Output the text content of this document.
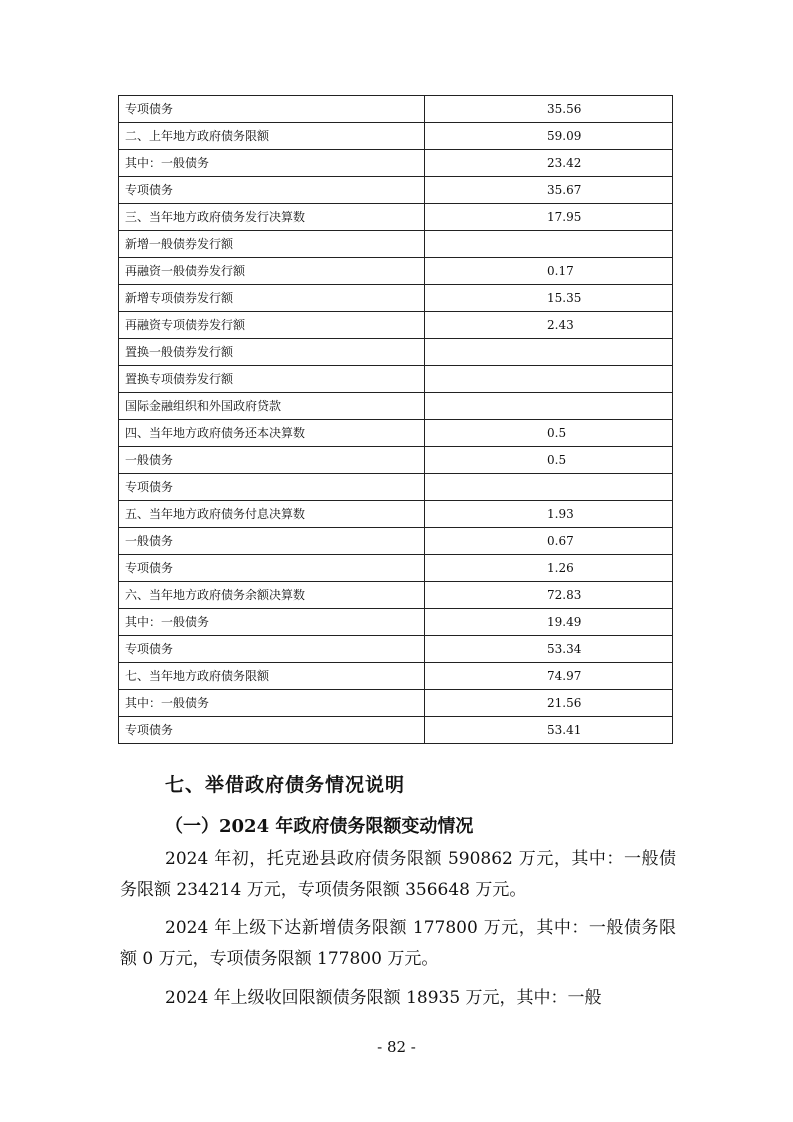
专项债务	35.56
二、上年地方政府债务限额	59.09
其中：一般债务	23.42
专项债务	35.67
三、当年地方政府债务发行决算数	17.95
新增一般债券发行额	
再融资一般债券发行额	0.17
新增专项债券发行额	15.35
再融资专项债券发行额	2.43
置换一般债券发行额	
置换专项债券发行额	
国际金融组织和外国政府贷款	
四、当年地方政府债务还本决算数	0.5
一般债务	0.5
专项债务	
五、当年地方政府债务付息决算数	1.93
一般债务	0.67
专项债务	1.26
六、当年地方政府债务余额决算数	72.83
其中：一般债务	19.49
专项债务	53.34
七、当年地方政府债务限额	74.97
其中：一般债务	21.56
专项债务	53.41
七、举借政府债务情况说明
（一）2024 年政府债务限额变动情况
2024 年初，托克逊县政府债务限额 590862 万元，其中：一般债务限额 234214 万元，专项债务限额 356648 万元。
2024 年上级下达新增债务限额 177800 万元，其中：一般债务限额 0 万元，专项债务限额 177800 万元。
2024 年上级收回限额债务限额 18935 万元，其中：一般
- 82 -
